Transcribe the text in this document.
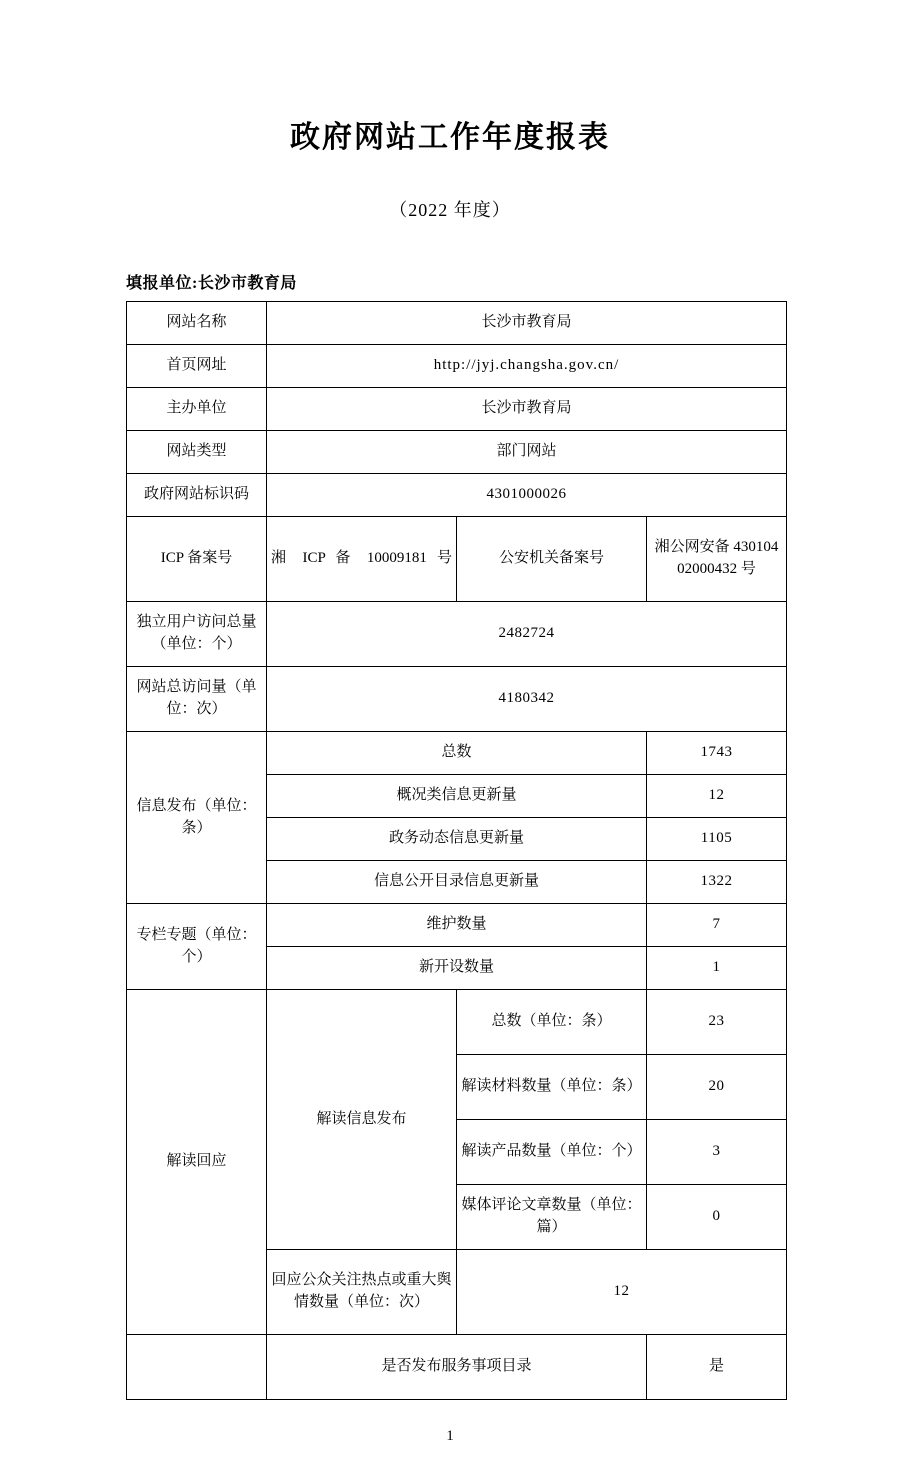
政府网站工作年度报表

（2022 年度）

填报单位:长沙市教育局

网站名称	长沙市教育局		
首页网址	http://jyj.changsha.gov.cn/		
主办单位	长沙市教育局		
网站类型	部门网站		
政府网站标识码	4301000026		
ICP 备案号	湘 ICP 备 10009181 号	公安机关备案号	湘公网安备 43010402000432 号
独立用户访问总量（单位：个）	2482724		
网站总访问量（单位：次）	4180342		
信息发布（单位：条）	总数		1743
	概况类信息更新量		12
	政务动态信息更新量		1105
	信息公开目录信息更新量		1322
专栏专题（单位：个）	维护数量		7
	新开设数量		1
解读回应	解读信息发布	总数（单位：条）	23
		解读材料数量（单位：条）	20
		解读产品数量（单位：个）	3
		媒体评论文章数量（单位：篇）	0
	回应公众关注热点或重大舆情数量（单位：次）	12	
	是否发布服务事项目录		是
1
